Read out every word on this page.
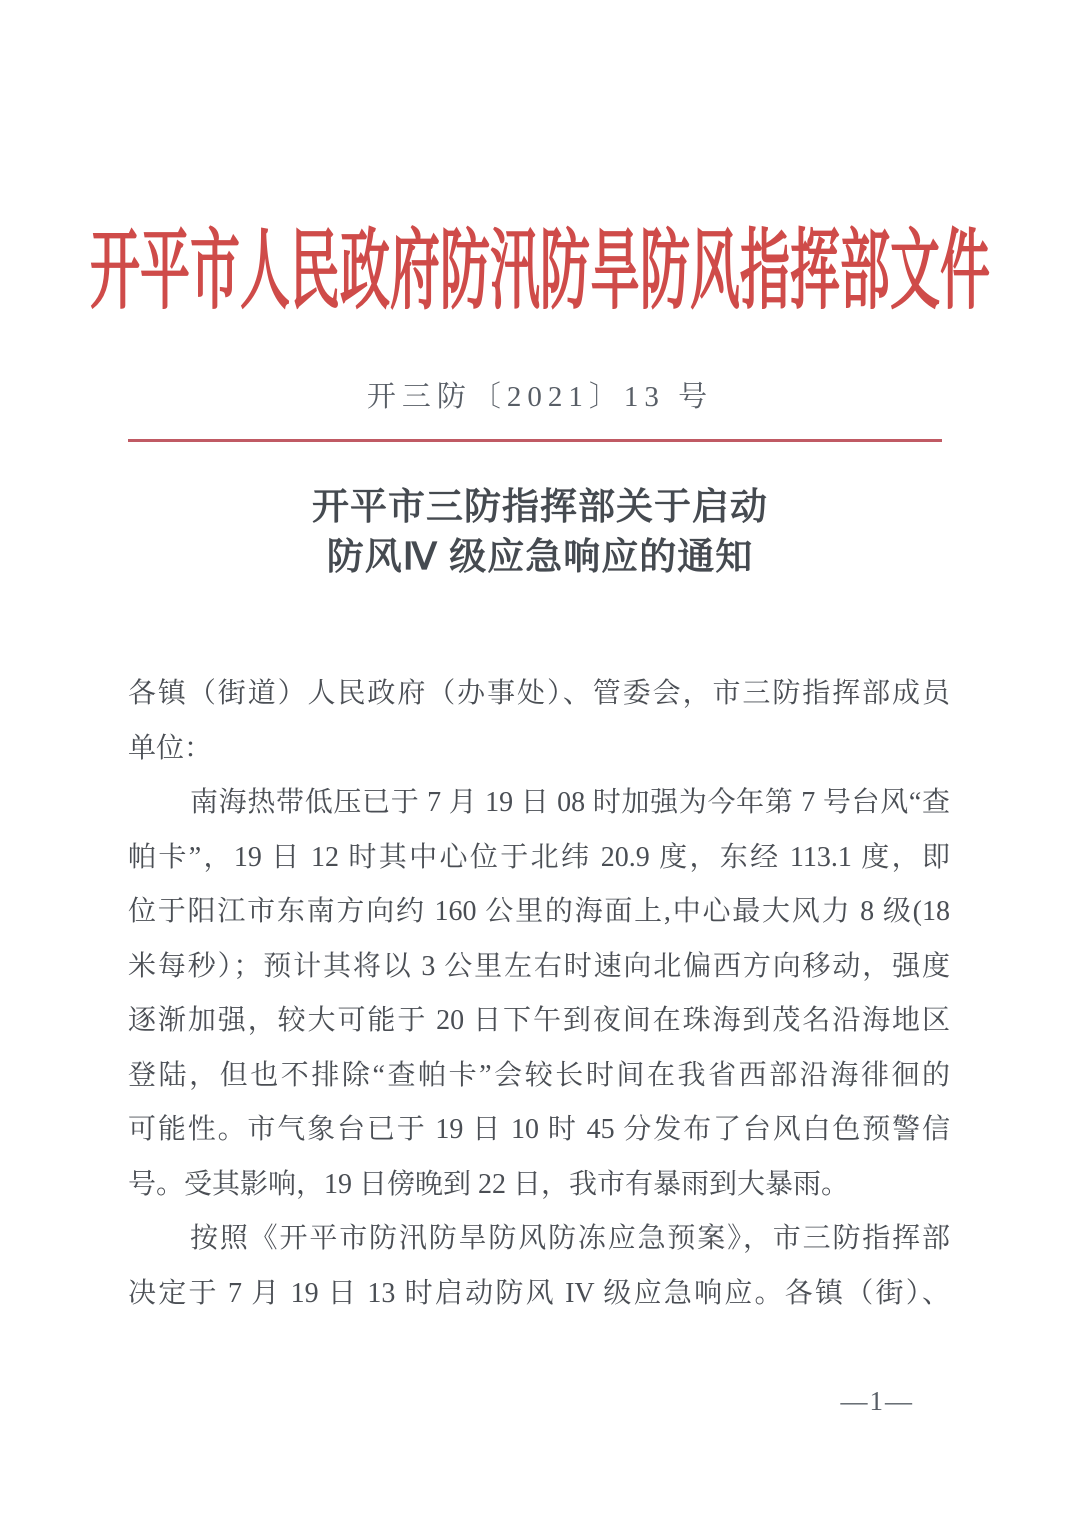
开平市人民政府防汛防旱防风指挥部文件
开三防〔2021〕13 号
开平市三防指挥部关于启动
防风Ⅳ 级应急响应的通知
各镇（街道）人民政府（办事处）、管委会，市三防指挥部成员
单位：
南海热带低压已于 7 月 19 日 08 时加强为今年第 7 号台风“查
帕卡”，19 日 12 时其中心位于北纬 20.9 度，东经 113.1 度，即
位于阳江市东南方向约 160 公里的海面上,中心最大风力 8 级(18
米每秒）；预计其将以 3 公里左右时速向北偏西方向移动，强度
逐渐加强，较大可能于 20 日下午到夜间在珠海到茂名沿海地区
登陆，但也不排除“查帕卡”会较长时间在我省西部沿海徘徊的
可能性。市气象台已于 19 日 10 时 45 分发布了台风白色预警信
号。受其影响，19 日傍晚到 22 日，我市有暴雨到大暴雨。
按照《开平市防汛防旱防风防冻应急预案》，市三防指挥部
决定于 7 月 19 日 13 时启动防风 IV 级应急响应。各镇（街）、
—1—
